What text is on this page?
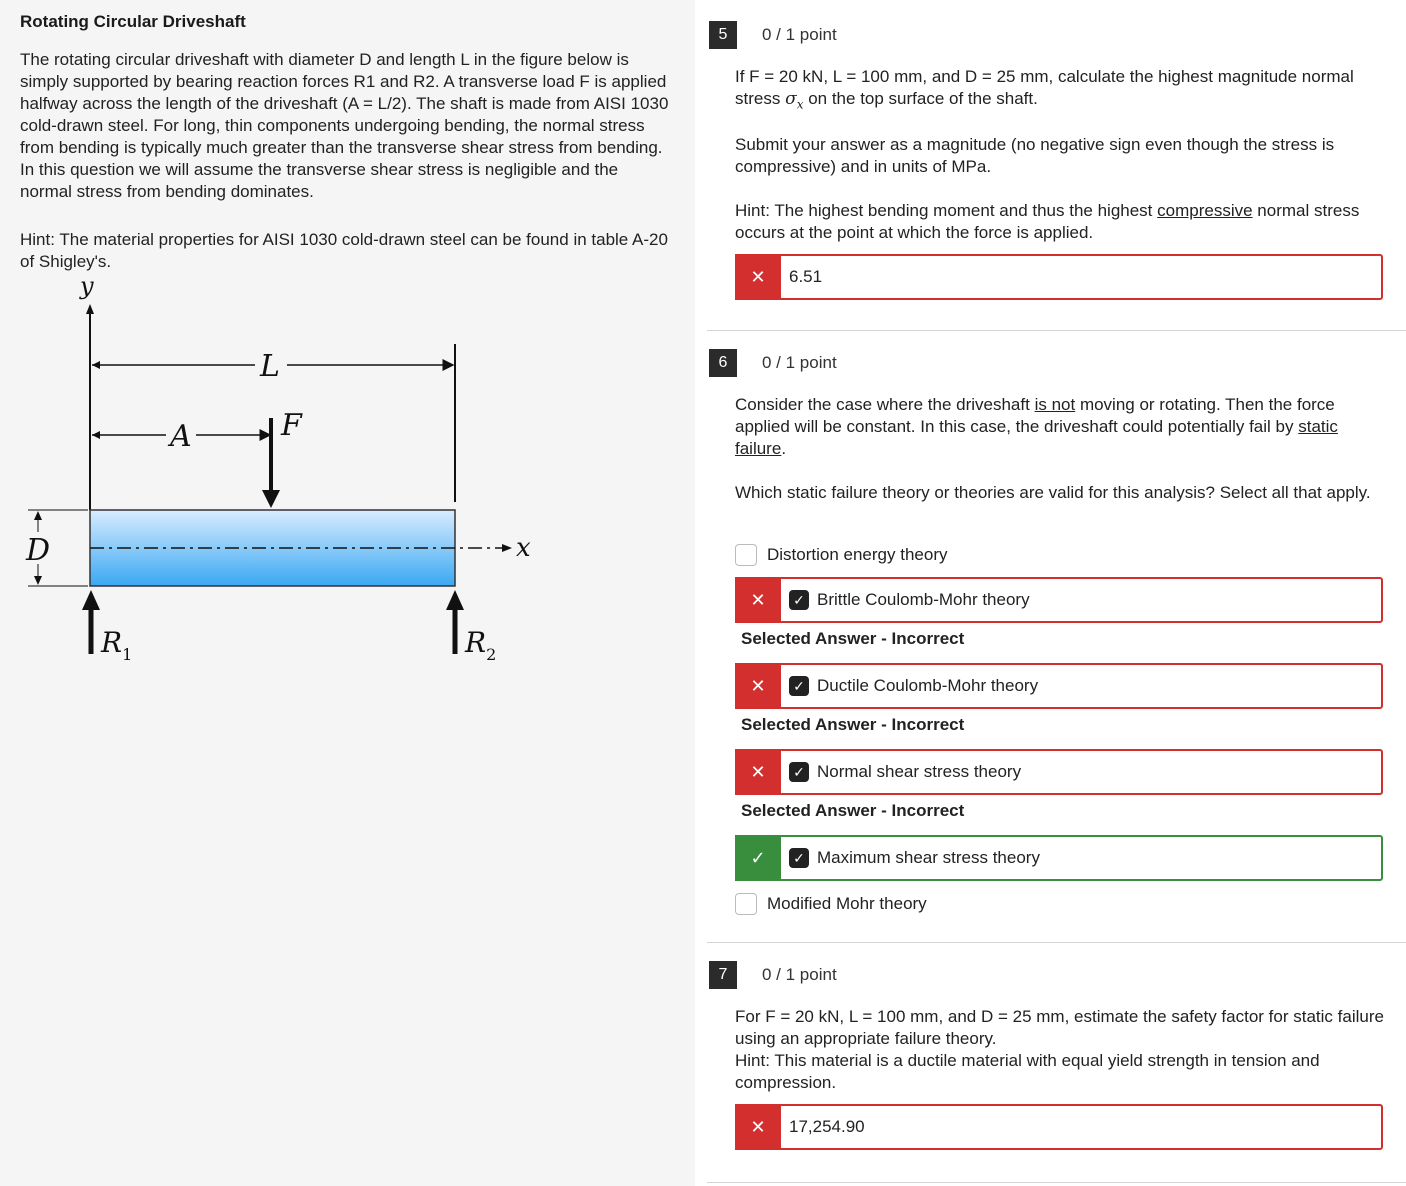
Rotating Circular Driveshaft

The rotating circular driveshaft with diameter D and length L in the figure below is simply supported by bearing reaction forces R1 and R2. A transverse load F is applied halfway across the length of the driveshaft (A = L/2). The shaft is made from AISI 1030 cold-drawn steel. For long, thin components undergoing bending, the normal stress from bending is typically much greater than the transverse shear stress from bending. In this question we will assume the transverse shear stress is negligible and the normal stress from bending dominates.

Hint: The material properties for AISI 1030 cold-drawn steel can be found in table A-20 of Shigley's.

y
L
A	F
x
D
$R_1$	$R_2$
5	0 / 1 point

If F = 20 kN, L = 100 mm, and D = 25 mm, calculate the highest magnitude normal stress $\sigma_x$ on the top surface of the shaft.

Submit your answer as a magnitude (no negative sign even though the stress is compressive) and in units of MPa.

Hint: The highest bending moment and thus the highest compressive normal stress occurs at the point at which the force is applied.

✕	6.51
6	0 / 1 point

Consider the case where the driveshaft is not moving or rotating. Then the force applied will be constant. In this case, the driveshaft could potentially fail by static failure.

Which static failure theory or theories are valid for this analysis? Select all that apply.

Distortion energy theory
✕	✓ Brittle Coulomb-Mohr theory
Selected Answer - Incorrect
✕	✓ Ductile Coulomb-Mohr theory
Selected Answer - Incorrect
✕	✓ Normal shear stress theory
Selected Answer - Incorrect
✓	✓ Maximum shear stress theory
Modified Mohr theory
7	0 / 1 point

For F = 20 kN, L = 100 mm, and D = 25 mm, estimate the safety factor for static failure using an appropriate failure theory.

Hint: This material is a ductile material with equal yield strength in tension and compression.

✕	17,254.90
